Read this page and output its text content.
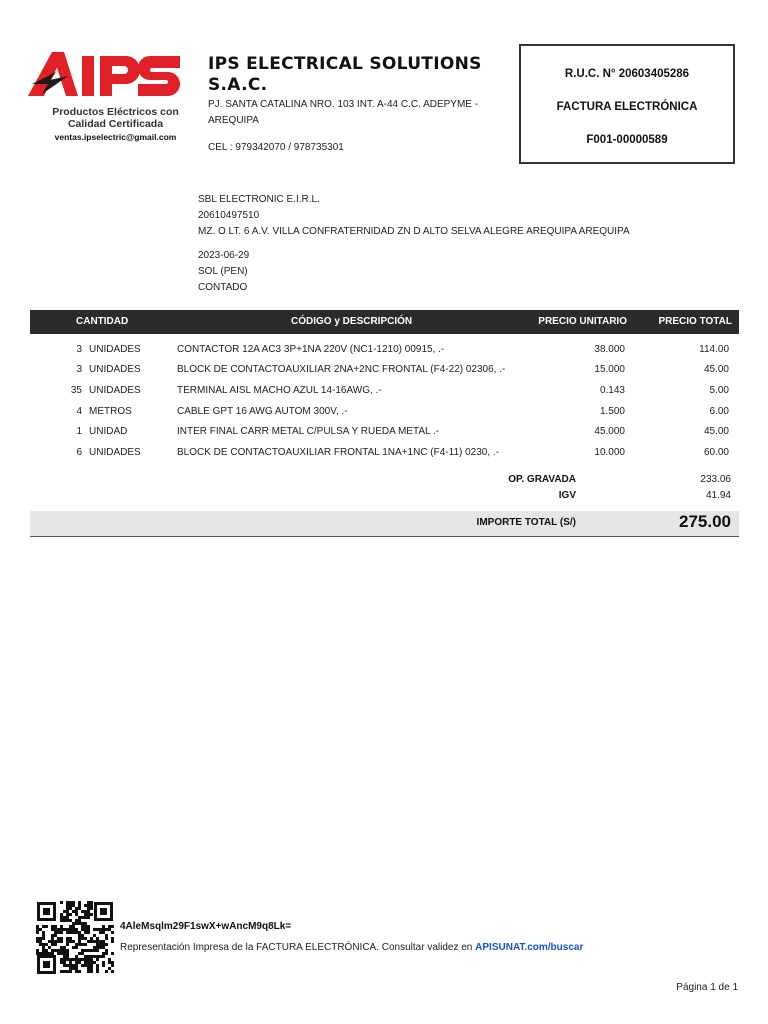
Productos Eléctricos con
Calidad Certificada
ventas.ipselectric@gmail.com
IPS ELECTRICAL SOLUTIONS S.A.C.
PJ. SANTA CATALINA NRO. 103 INT. A-44 C.C. ADEPYME - AREQUIPA
CEL : 979342070 / 978735301
R.U.C. N° 20603405286
FACTURA ELECTRÓNICA
F001-00000589
SBL ELECTRONIC E.I.R.L.
20610497510
MZ. O LT. 6 A.V. VILLA CONFRATERNIDAD ZN D ALTO SELVA ALEGRE AREQUIPA AREQUIPA
2023-06-29
SOL (PEN)
CONTADO
CANTIDAD	CÓDIGO y DESCRIPCIÓN	PRECIO UNITARIO	PRECIO TOTAL
3 UNIDADES	CONTACTOR 12A AC3 3P+1NA 220V (NC1-1210) 00915, .-	38.000	114.00
3 UNIDADES	BLOCK DE CONTACTOAUXILIAR 2NA+2NC FRONTAL (F4-22) 02306, .-	15.000	45.00
35 UNIDADES	TERMINAL AISL MACHO AZUL 14-16AWG, .-	0.143	5.00
4 METROS	CABLE GPT 16 AWG AUTOM 300V, .-	1.500	6.00
1 UNIDAD	INTER FINAL CARR METAL C/PULSA Y RUEDA METAL .-	45.000	45.00
6 UNIDADES	BLOCK DE CONTACTOAUXILIAR FRONTAL 1NA+1NC (F4-11) 0230, .-	10.000	60.00
OP. GRAVADA	233.06
IGV	41.94
IMPORTE TOTAL (S/)	275.00
4AleMsqlm29F1swX+wAncM9q8Lk=
Representación Impresa de la FACTURA ELECTRÓNICA. Consultar validez en APISUNAT.com/buscar
Página 1 de 1
